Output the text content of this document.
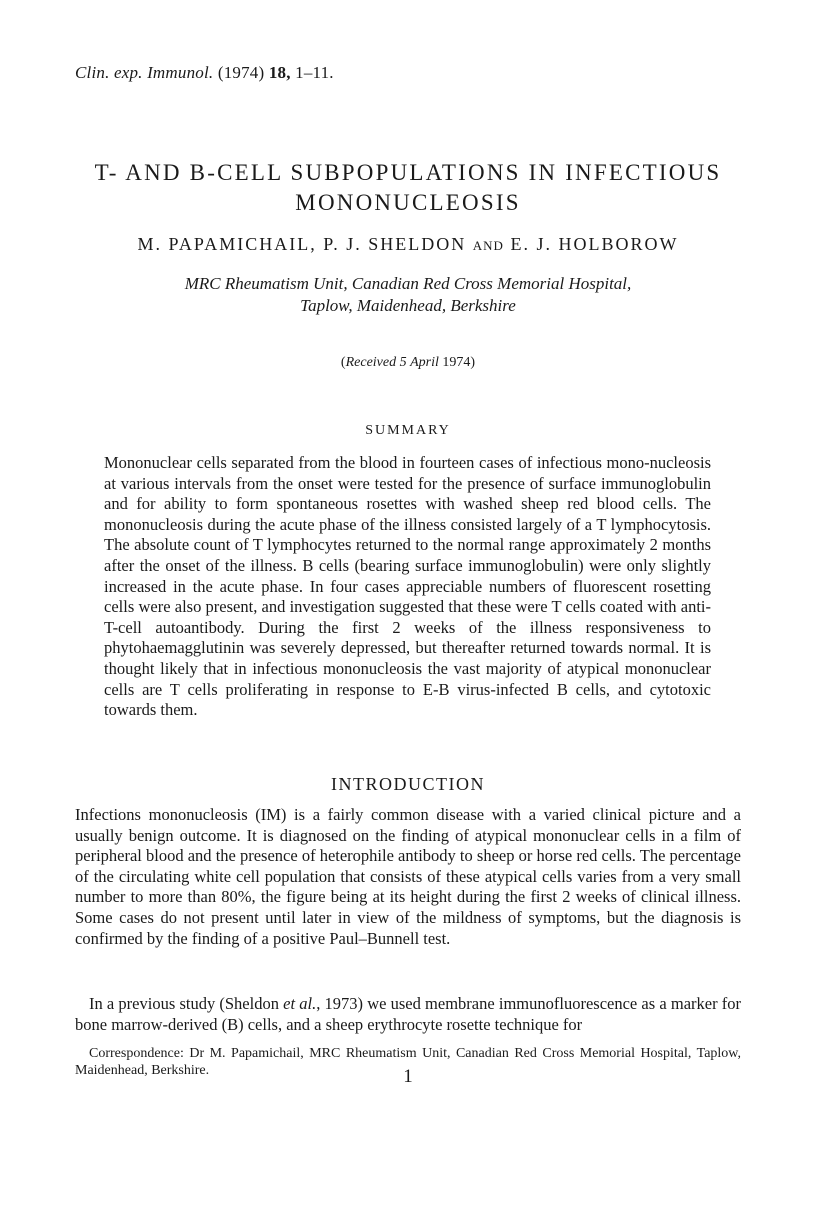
Clin. exp. Immunol. (1974) 18, 1–11.
T- AND B-CELL SUBPOPULATIONS IN INFECTIOUS
MONONUCLEOSIS
M. PAPAMICHAIL, P. J. SHELDON AND E. J. HOLBOROW
MRC Rheumatism Unit, Canadian Red Cross Memorial Hospital,
Taplow, Maidenhead, Berkshire
(Received 5 April 1974)
SUMMARY

Mononuclear cells separated from the blood in fourteen cases of infectious mono-nucleosis at various intervals from the onset were tested for the presence of surface immunoglobulin and for ability to form spontaneous rosettes with washed sheep red blood cells. The mononucleosis during the acute phase of the illness consisted largely of a T lymphocytosis. The absolute count of T lymphocytes returned to the normal range approximately 2 months after the onset of the illness. B cells (bearing surface immunoglobulin) were only slightly increased in the acute phase. In four cases appreciable numbers of fluorescent rosetting cells were also present, and investigation suggested that these were T cells coated with anti-T-cell autoantibody. During the first 2 weeks of the illness responsiveness to phytohaemagglutinin was severely depressed, but thereafter returned towards normal. It is thought likely that in infectious mononucleosis the vast majority of atypical mononuclear cells are T cells proliferating in response to E-B virus-infected B cells, and cytotoxic towards them.

INTRODUCTION

Infections mononucleosis (IM) is a fairly common disease with a varied clinical picture and a usually benign outcome. It is diagnosed on the finding of atypical mononuclear cells in a film of peripheral blood and the presence of heterophile antibody to sheep or horse red cells. The percentage of the circulating white cell population that consists of these atypical cells varies from a very small number to more than 80%, the figure being at its height during the first 2 weeks of clinical illness. Some cases do not present until later in view of the mildness of symptoms, but the diagnosis is confirmed by the finding of a positive Paul–Bunnell test.

In a previous study (Sheldon et al., 1973) we used membrane immunofluorescence as a marker for bone marrow-derived (B) cells, and a sheep erythrocyte rosette technique for

Correspondence: Dr M. Papamichail, MRC Rheumatism Unit, Canadian Red Cross Memorial Hospital, Taplow, Maidenhead, Berkshire.	1
